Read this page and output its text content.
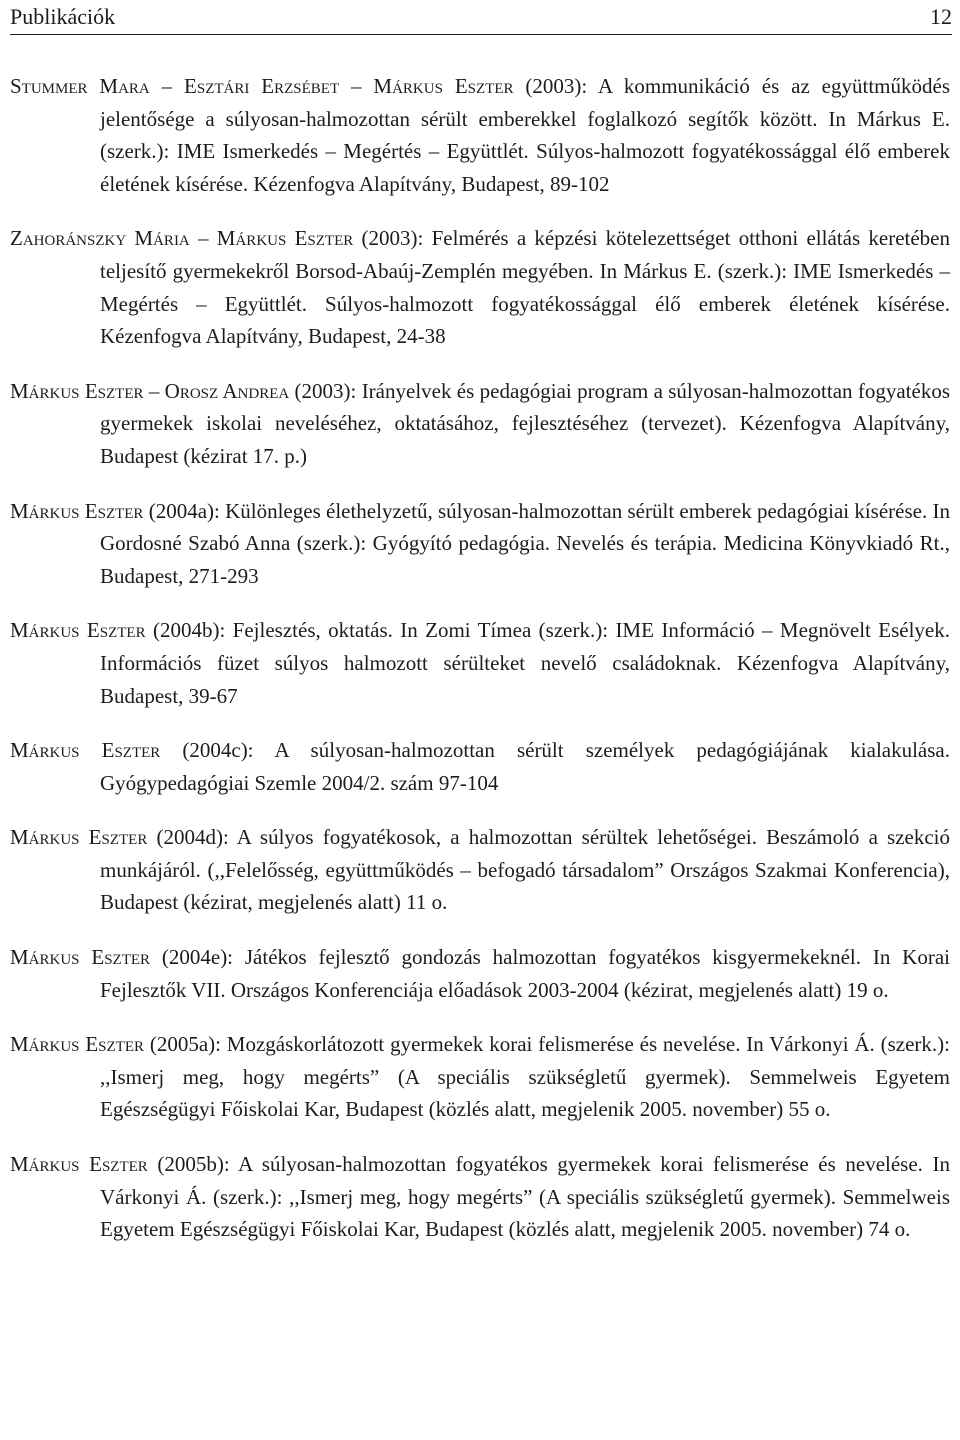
Publikációk	12

Stummer Mara – Esztári Erzsébet – Márkus Eszter (2003): A kommunikáció és az együttműködés jelentősége a súlyosan-halmozottan sérült emberekkel foglalkozó segítők között. In Márkus E. (szerk.): IME Ismerkedés – Megértés – Együttlét. Súlyos-halmozott fogyatékossággal élő emberek életének kísérése. Kézenfogva Alapítvány, Budapest, 89-102

Zahoránszky Mária – Márkus Eszter (2003): Felmérés a képzési kötelezettséget otthoni ellátás keretében teljesítő gyermekekről Borsod-Abaúj-Zemplén megyében. In Márkus E. (szerk.): IME Ismerkedés – Megértés – Együttlét. Súlyos-halmozott fogyatékossággal élő emberek életének kísérése. Kézenfogva Alapítvány, Budapest, 24-38

Márkus Eszter – Orosz Andrea (2003): Irányelvek és pedagógiai program a súlyosan-halmozottan fogyatékos gyermekek iskolai neveléséhez, oktatásához, fejlesztéséhez (tervezet). Kézenfogva Alapítvány, Budapest (kézirat 17. p.)

Márkus Eszter (2004a): Különleges élethelyzetű, súlyosan-halmozottan sérült emberek pedagógiai kísérése. In Gordosné Szabó Anna (szerk.): Gyógyító pedagógia. Nevelés és terápia. Medicina Könyvkiadó Rt., Budapest, 271-293

Márkus Eszter (2004b): Fejlesztés, oktatás. In Zomi Tímea (szerk.): IME Információ – Megnövelt Esélyek. Információs füzet súlyos halmozott sérülteket nevelő családoknak. Kézenfogva Alapítvány, Budapest, 39-67

Márkus Eszter (2004c): A súlyosan-halmozottan sérült személyek pedagógiájának kialakulása. Gyógypedagógiai Szemle 2004/2. szám 97-104

Márkus Eszter (2004d): A súlyos fogyatékosok, a halmozottan sérültek lehetőségei. Beszámoló a szekció munkájáról. (,,Felelősség, együttműködés – befogadó társadalom” Országos Szakmai Konferencia), Budapest (kézirat, megjelenés alatt) 11 o.

Márkus Eszter (2004e): Játékos fejlesztő gondozás halmozottan fogyatékos kisgyermekeknél. In Korai Fejlesztők VII. Országos Konferenciája előadások 2003-2004 (kézirat, megjelenés alatt) 19 o.

Márkus Eszter (2005a): Mozgáskorlátozott gyermekek korai felismerése és nevelése. In Várkonyi Á. (szerk.): ,,Ismerj meg, hogy megérts” (A speciális szükségletű gyermek). Semmelweis Egyetem Egészségügyi Főiskolai Kar, Budapest (közlés alatt, megjelenik 2005. november) 55 o.

Márkus Eszter (2005b): A súlyosan-halmozottan fogyatékos gyermekek korai felismerése és nevelése. In Várkonyi Á. (szerk.): ,,Ismerj meg, hogy megérts” (A speciális szükségletű gyermek). Semmelweis Egyetem Egészségügyi Főiskolai Kar, Budapest (közlés alatt, megjelenik 2005. november) 74 o.
